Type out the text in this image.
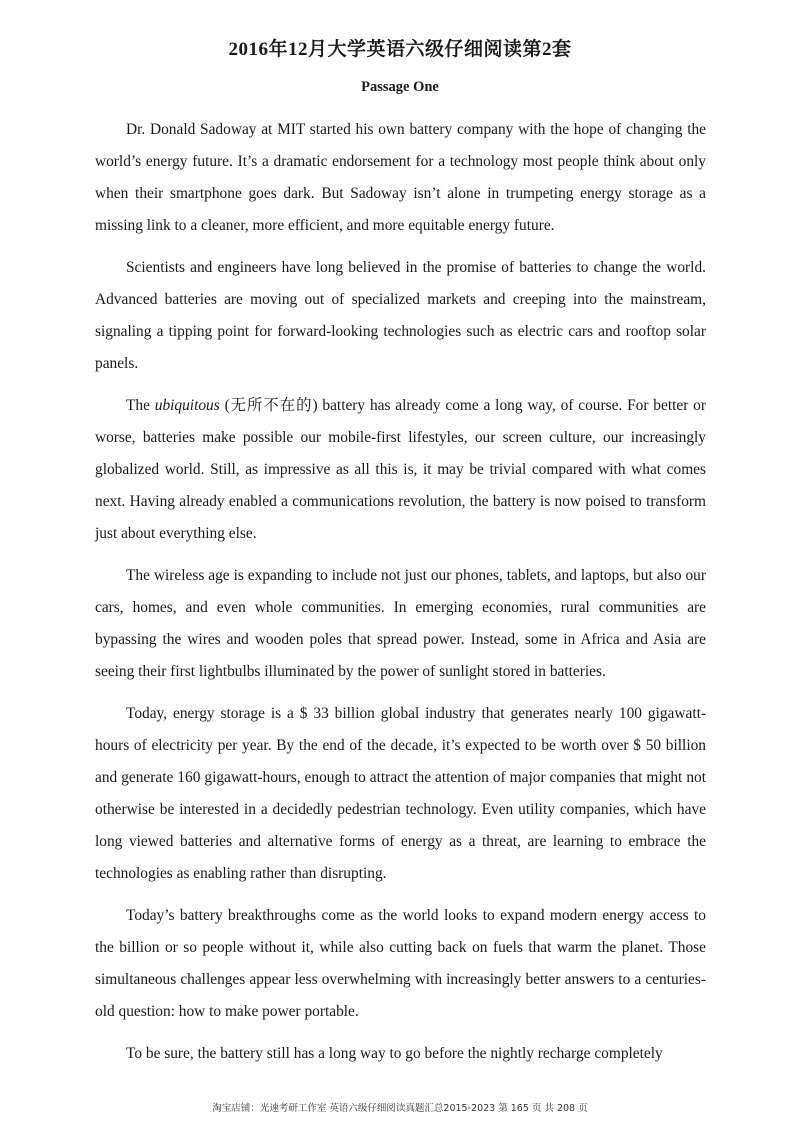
2016年12月大学英语六级仔细阅读第2套
Passage One

Dr. Donald Sadoway at MIT started his own battery company with the hope of changing the world’s energy future. It’s a dramatic endorsement for a technology most people think about only when their smartphone goes dark. But Sadoway isn’t alone in trumpeting energy storage as a missing link to a cleaner, more efficient, and more equitable energy future.

Scientists and engineers have long believed in the promise of batteries to change the world. Advanced batteries are moving out of specialized markets and creeping into the mainstream, signaling a tipping point for forward-looking technologies such as electric cars and rooftop solar panels.

The ubiquitous (无所不在的) battery has already come a long way, of course. For better or worse, batteries make possible our mobile-first lifestyles, our screen culture, our increasingly globalized world. Still, as impressive as all this is, it may be trivial compared with what comes next. Having already enabled a communications revolution, the battery is now poised to transform just about everything else.

The wireless age is expanding to include not just our phones, tablets, and laptops, but also our cars, homes, and even whole communities. In emerging economies, rural communities are bypassing the wires and wooden poles that spread power. Instead, some in Africa and Asia are seeing their first lightbulbs illuminated by the power of sunlight stored in batteries.

Today, energy storage is a $ 33 billion global industry that generates nearly 100 gigawatt-hours of electricity per year. By the end of the decade, it’s expected to be worth over $ 50 billion and generate 160 gigawatt-hours, enough to attract the attention of major companies that might not otherwise be interested in a decidedly pedestrian technology. Even utility companies, which have long viewed batteries and alternative forms of energy as a threat, are learning to embrace the technologies as enabling rather than disrupting.

Today’s battery breakthroughs come as the world looks to expand modern energy access to the billion or so people without it, while also cutting back on fuels that warm the planet. Those simultaneous challenges appear less overwhelming with increasingly better answers to a centuries-old question: how to make power portable.

To be sure, the battery still has a long way to go before the nightly recharge completely

淘宝店铺：光速考研工作室 英语六级仔细阅读真题汇总2015-2023 第 165 页 共 208 页
